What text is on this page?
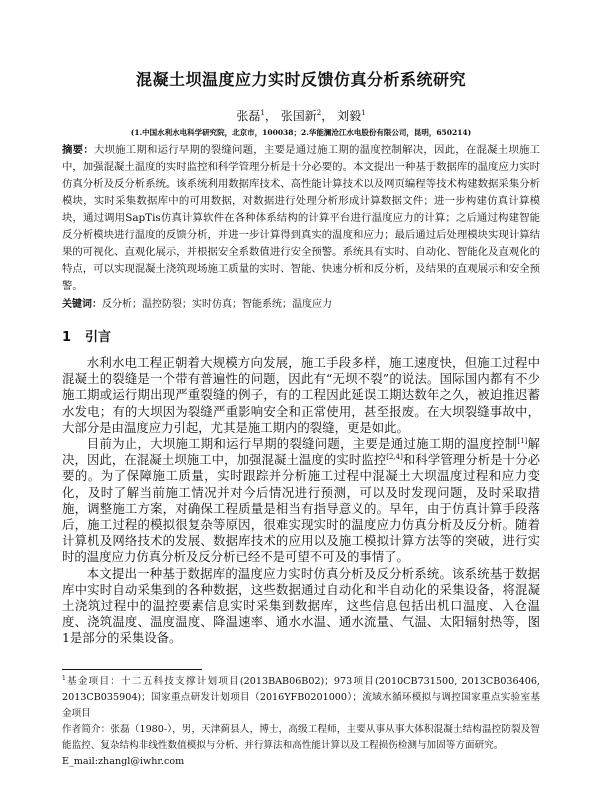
混凝土坝温度应力实时反馈仿真分析系统研究
张磊$^1$， 张国新$^2$， 刘毅$^1$
(1.中国水利水电科学研究院，北京市，100038；2.华能澜沧江水电股份有限公司，昆明，650214)
摘要：大坝施工期和运行早期的裂缝问题，主要是通过施工期的温度控制解决，因此，在混凝土坝施工中，加强混凝土温度的实时监控和科学管理分析是十分必要的。本文提出一种基于数据库的温度应力实时仿真分析及反分析系统。该系统利用数据库技术、高性能计算技术以及网页编程等技术构建数据采集分析模块，实时采集数据库中的可用数据，对数据进行处理分析形成计算数据文件；进一步构建仿真计算模块，通过调用SapTis仿真计算软件在各种体系结构的计算平台进行温度应力的计算；之后通过构建智能反分析模块进行温度的反馈分析，并进一步计算得到真实的温度和应力；最后通过后处理模块实现计算结果的可视化、直观化展示，并根据安全系数值进行安全预警。系统具有实时、自动化、智能化及直观化的特点，可以实现混凝土浇筑现场施工质量的实时、智能、快速分析和反分析，及结果的直观展示和安全预警。
关键词：反分析；温控防裂；实时仿真；智能系统；温度应力
1 引言

水利水电工程正朝着大规模方向发展，施工手段多样，施工速度快，但施工过程中混凝土的裂缝是一个带有普遍性的问题，因此有“无坝不裂”的说法。国际国内都有不少施工期或运行期出现严重裂缝的例子，有的工程因此延误工期达数年之久，被迫推迟蓄水发电；有的大坝因为裂缝严重影响安全和正常使用，甚至报废。在大坝裂缝事故中，大部分是由温度应力引起，尤其是施工期内的裂缝，更是如此。

目前为止，大坝施工期和运行早期的裂缝问题，主要是通过施工期的温度控制[1]解决，因此，在混凝土坝施工中，加强混凝土温度的实时监控[2,4]和科学管理分析是十分必要的。为了保障施工质量，实时跟踪并分析施工过程中混凝土大坝温度过程和应力变化，及时了解当前施工情况并对今后情况进行预测，可以及时发现问题，及时采取措施，调整施工方案，对确保工程质量是相当有指导意义的。早年，由于仿真计算手段落后，施工过程的模拟很复杂等原因，很难实现实时的温度应力仿真分析及反分析。随着计算机及网络技术的发展、数据库技术的应用以及施工模拟计算方法等的突破，进行实时的温度应力仿真分析及反分析已经不是可望不可及的事情了。

本文提出一种基于数据库的温度应力实时仿真分析及反分析系统。该系统基于数据库中实时自动采集到的各种数据，这些数据通过自动化和半自动化的采集设备，将混凝土浇筑过程中的温控要素信息实时采集到数据库，这些信息包括出机口温度、入仓温度、浇筑温度、温度温度、降温速率、通水水温、通水流量、气温、太阳辐射热等，图1是部分的采集设备。

$^1$基金项目：十二五科技支撑计划项目(2013BAB06B02)；973项目(2010CB731500, 2013CB036406, 2013CB035904)；国家重点研发计划项目（2016YFB0201000）；流域水循环模拟与调控国家重点实验室基金项目

作者简介：张磊（1980-），男，天津蓟县人，博士，高级工程师，主要从事从事大体积混凝土结构温控防裂及智能监控、复杂结构非线性数值模拟与分析、并行算法和高性能计算以及工程损伤检测与加固等方面研究。

E_mail:zhangl@iwhr.com
